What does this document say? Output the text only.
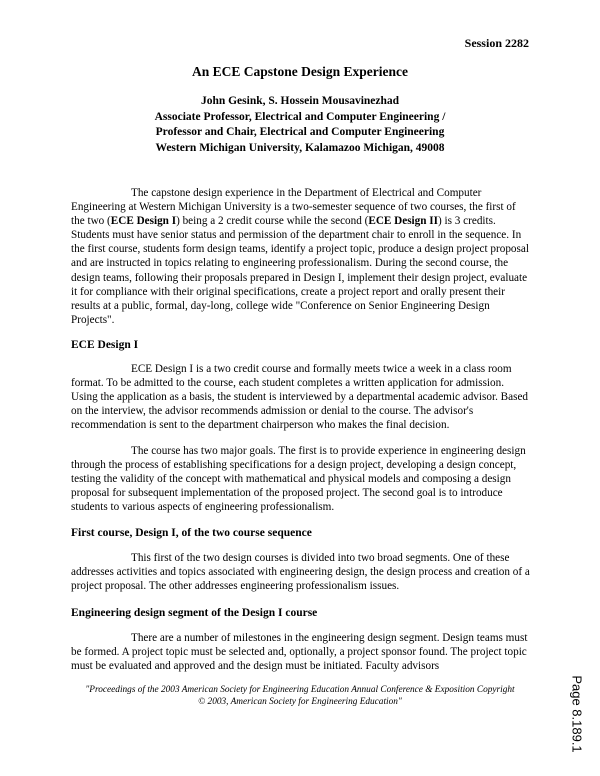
Session 2282
An ECE Capstone Design Experience
John Gesink, S. Hossein Mousavinezhad
Associate Professor, Electrical and Computer Engineering /
Professor and Chair, Electrical and Computer Engineering
Western Michigan University, Kalamazoo Michigan, 49008

The capstone design experience in the Department of Electrical and Computer Engineering at Western Michigan University is a two-semester sequence of two courses, the first of the two (ECE Design I) being a 2 credit course while the second (ECE Design II) is 3 credits. Students must have senior status and permission of the department chair to enroll in the sequence. In the first course, students form design teams, identify a project topic, produce a design project proposal and are instructed in topics relating to engineering professionalism. During the second course, the design teams, following their proposals prepared in Design I, implement their design project, evaluate it for compliance with their original specifications, create a project report and orally present their results at a public, formal, day-long, college wide "Conference on Senior Engineering Design Projects".

ECE Design I

ECE Design I is a two credit course and formally meets twice a week in a class room format. To be admitted to the course, each student completes a written application for admission. Using the application as a basis, the student is interviewed by a departmental academic advisor. Based on the interview, the advisor recommends admission or denial to the course. The advisor's recommendation is sent to the department chairperson who makes the final decision.

The course has two major goals. The first is to provide experience in engineering design through the process of establishing specifications for a design project, developing a design concept, testing the validity of the concept with mathematical and physical models and composing a design proposal for subsequent implementation of the proposed project. The second goal is to introduce students to various aspects of engineering professionalism.

First course, Design I, of the two course sequence

This first of the two design courses is divided into two broad segments. One of these addresses activities and topics associated with engineering design, the design process and creation of a project proposal. The other addresses engineering professionalism issues.

Engineering design segment of the Design I course

There are a number of milestones in the engineering design segment. Design teams must be formed. A project topic must be selected and, optionally, a project sponsor found. The project topic must be evaluated and approved and the design must be initiated. Faculty advisors

"Proceedings of the 2003 American Society for Engineering Education Annual Conference & Exposition Copyright
© 2003, American Society for Engineering Education"	Page 8.189.1
